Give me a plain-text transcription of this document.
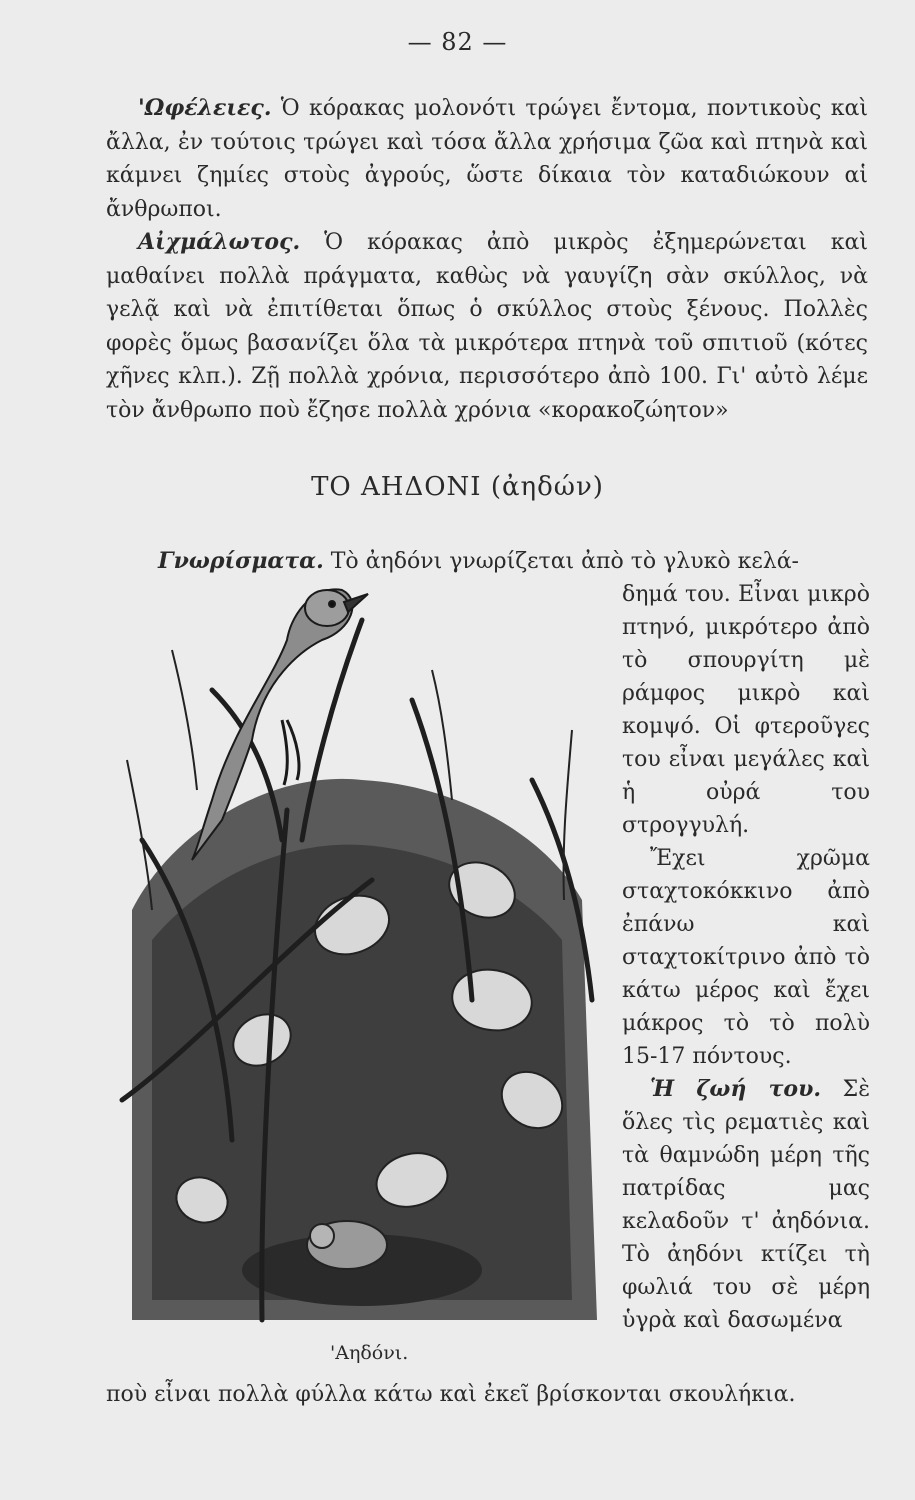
— 82 —

'Ωφέλειες. Ὁ κόρακας μολονότι τρώγει ἔντομα, ποντικοὺς καὶ ἄλλα, ἐν τούτοις τρώγει καὶ τόσα ἄλλα χρήσιμα ζῶα καὶ πτηνὰ καὶ κάμνει ζημίες στοὺς ἀγρούς, ὥστε δίκαια τὸν καταδιώκουν αἱ ἄνθρωποι.

Αἰχμάλωτος. Ὁ κόρακας ἀπὸ μικρὸς ἐξημερώνεται καὶ μαθαίνει πολλὰ πράγματα, καθὼς νὰ γαυγίζη σὰν σκύλλος, νὰ γελᾷ καὶ νὰ ἐπιτίθεται ὅπως ὁ σκύλλος στοὺς ξένους. Πολλὲς φορὲς ὅμως βασανίζει ὅλα τὰ μικρότερα πτηνὰ τοῦ σπιτιοῦ (κότες χῆνες κλπ.). Ζῇ πολλὰ χρόνια, περισσότερο ἀπὸ 100. Γι' αὐτὸ λέμε τὸν ἄνθρωπο ποὺ ἔζησε πολλὰ χρόνια «κορακοζώητον»

ΤΟ ΑΗΔΟΝΙ (ἀηδών)
Γνωρίσματα. Τὸ ἀηδόνι γνωρίζεται ἀπὸ τὸ γλυκὸ κελά-

δημά του. Εἶναι μικρὸ πτηνό, μικρότερο ἀπὸ τὸ σπουργίτη μὲ ράμφος μικρὸ καὶ κομψό. Οἱ φτεροῦγες του εἶναι μεγάλες καὶ ἡ οὐρά του στρογγυλή.

Ἔχει χρῶμα σταχτοκόκκινο ἀπὸ ἐπάνω καὶ σταχτοκίτρινο ἀπὸ τὸ κάτω μέρος καὶ ἔχει μάκρος τὸ τὸ πολὺ 15-17 πόντους.

Ἡ ζωή του. Σὲ ὅλες τὶς ρεματιὲς καὶ τὰ θαμνώδη μέρη τῆς πατρίδας μας κελαδοῦν τ' ἀηδόνια. Τὸ ἀηδόνι κτίζει τὴ φωλιά του σὲ μέρη ὑγρὰ καὶ δασωμένα

'Αηδόνι.
ποὺ εἶναι πολλὰ φύλλα κάτω καὶ ἐκεῖ βρίσκονται σκουλήκια.
